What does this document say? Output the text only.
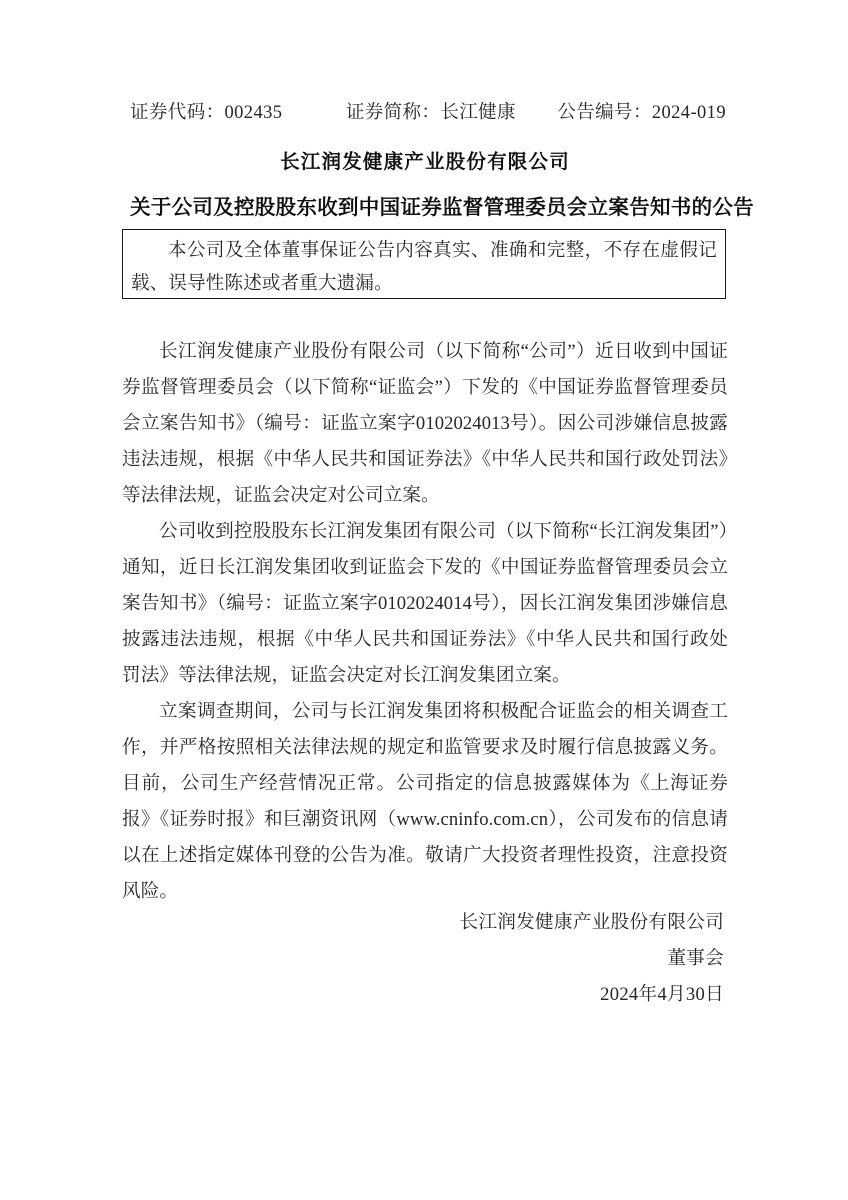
证券代码：002435	证券简称：长江健康 公告编号：2024-019
长江润发健康产业股份有限公司
关于公司及控股股东收到中国证券监督管理委员会立案告知书的公告
本公司及全体董事保证公告内容真实、准确和完整，不存在虚假记载、误导性陈述或者重大遗漏。

长江润发健康产业股份有限公司（以下简称“公司”）近日收到中国证券监督管理委员会（以下简称“证监会”）下发的《中国证券监督管理委员会立案告知书》（编号：证监立案字0102024013号）。因公司涉嫌信息披露违法违规，根据《中华人民共和国证券法》《中华人民共和国行政处罚法》等法律法规，证监会决定对公司立案。

公司收到控股股东长江润发集团有限公司（以下简称“长江润发集团”）通知，近日长江润发集团收到证监会下发的《中国证券监督管理委员会立案告知书》（编号：证监立案字0102024014号），因长江润发集团涉嫌信息披露违法违规，根据《中华人民共和国证券法》《中华人民共和国行政处罚法》等法律法规，证监会决定对长江润发集团立案。

立案调查期间，公司与长江润发集团将积极配合证监会的相关调查工作，并严格按照相关法律法规的规定和监管要求及时履行信息披露义务。目前，公司生产经营情况正常。公司指定的信息披露媒体为《上海证券报》《证券时报》和巨潮资讯网（www.cninfo.com.cn），公司发布的信息请以在上述指定媒体刊登的公告为准。敬请广大投资者理性投资，注意投资风险。

长江润发健康产业股份有限公司
董事会
2024年4月30日
